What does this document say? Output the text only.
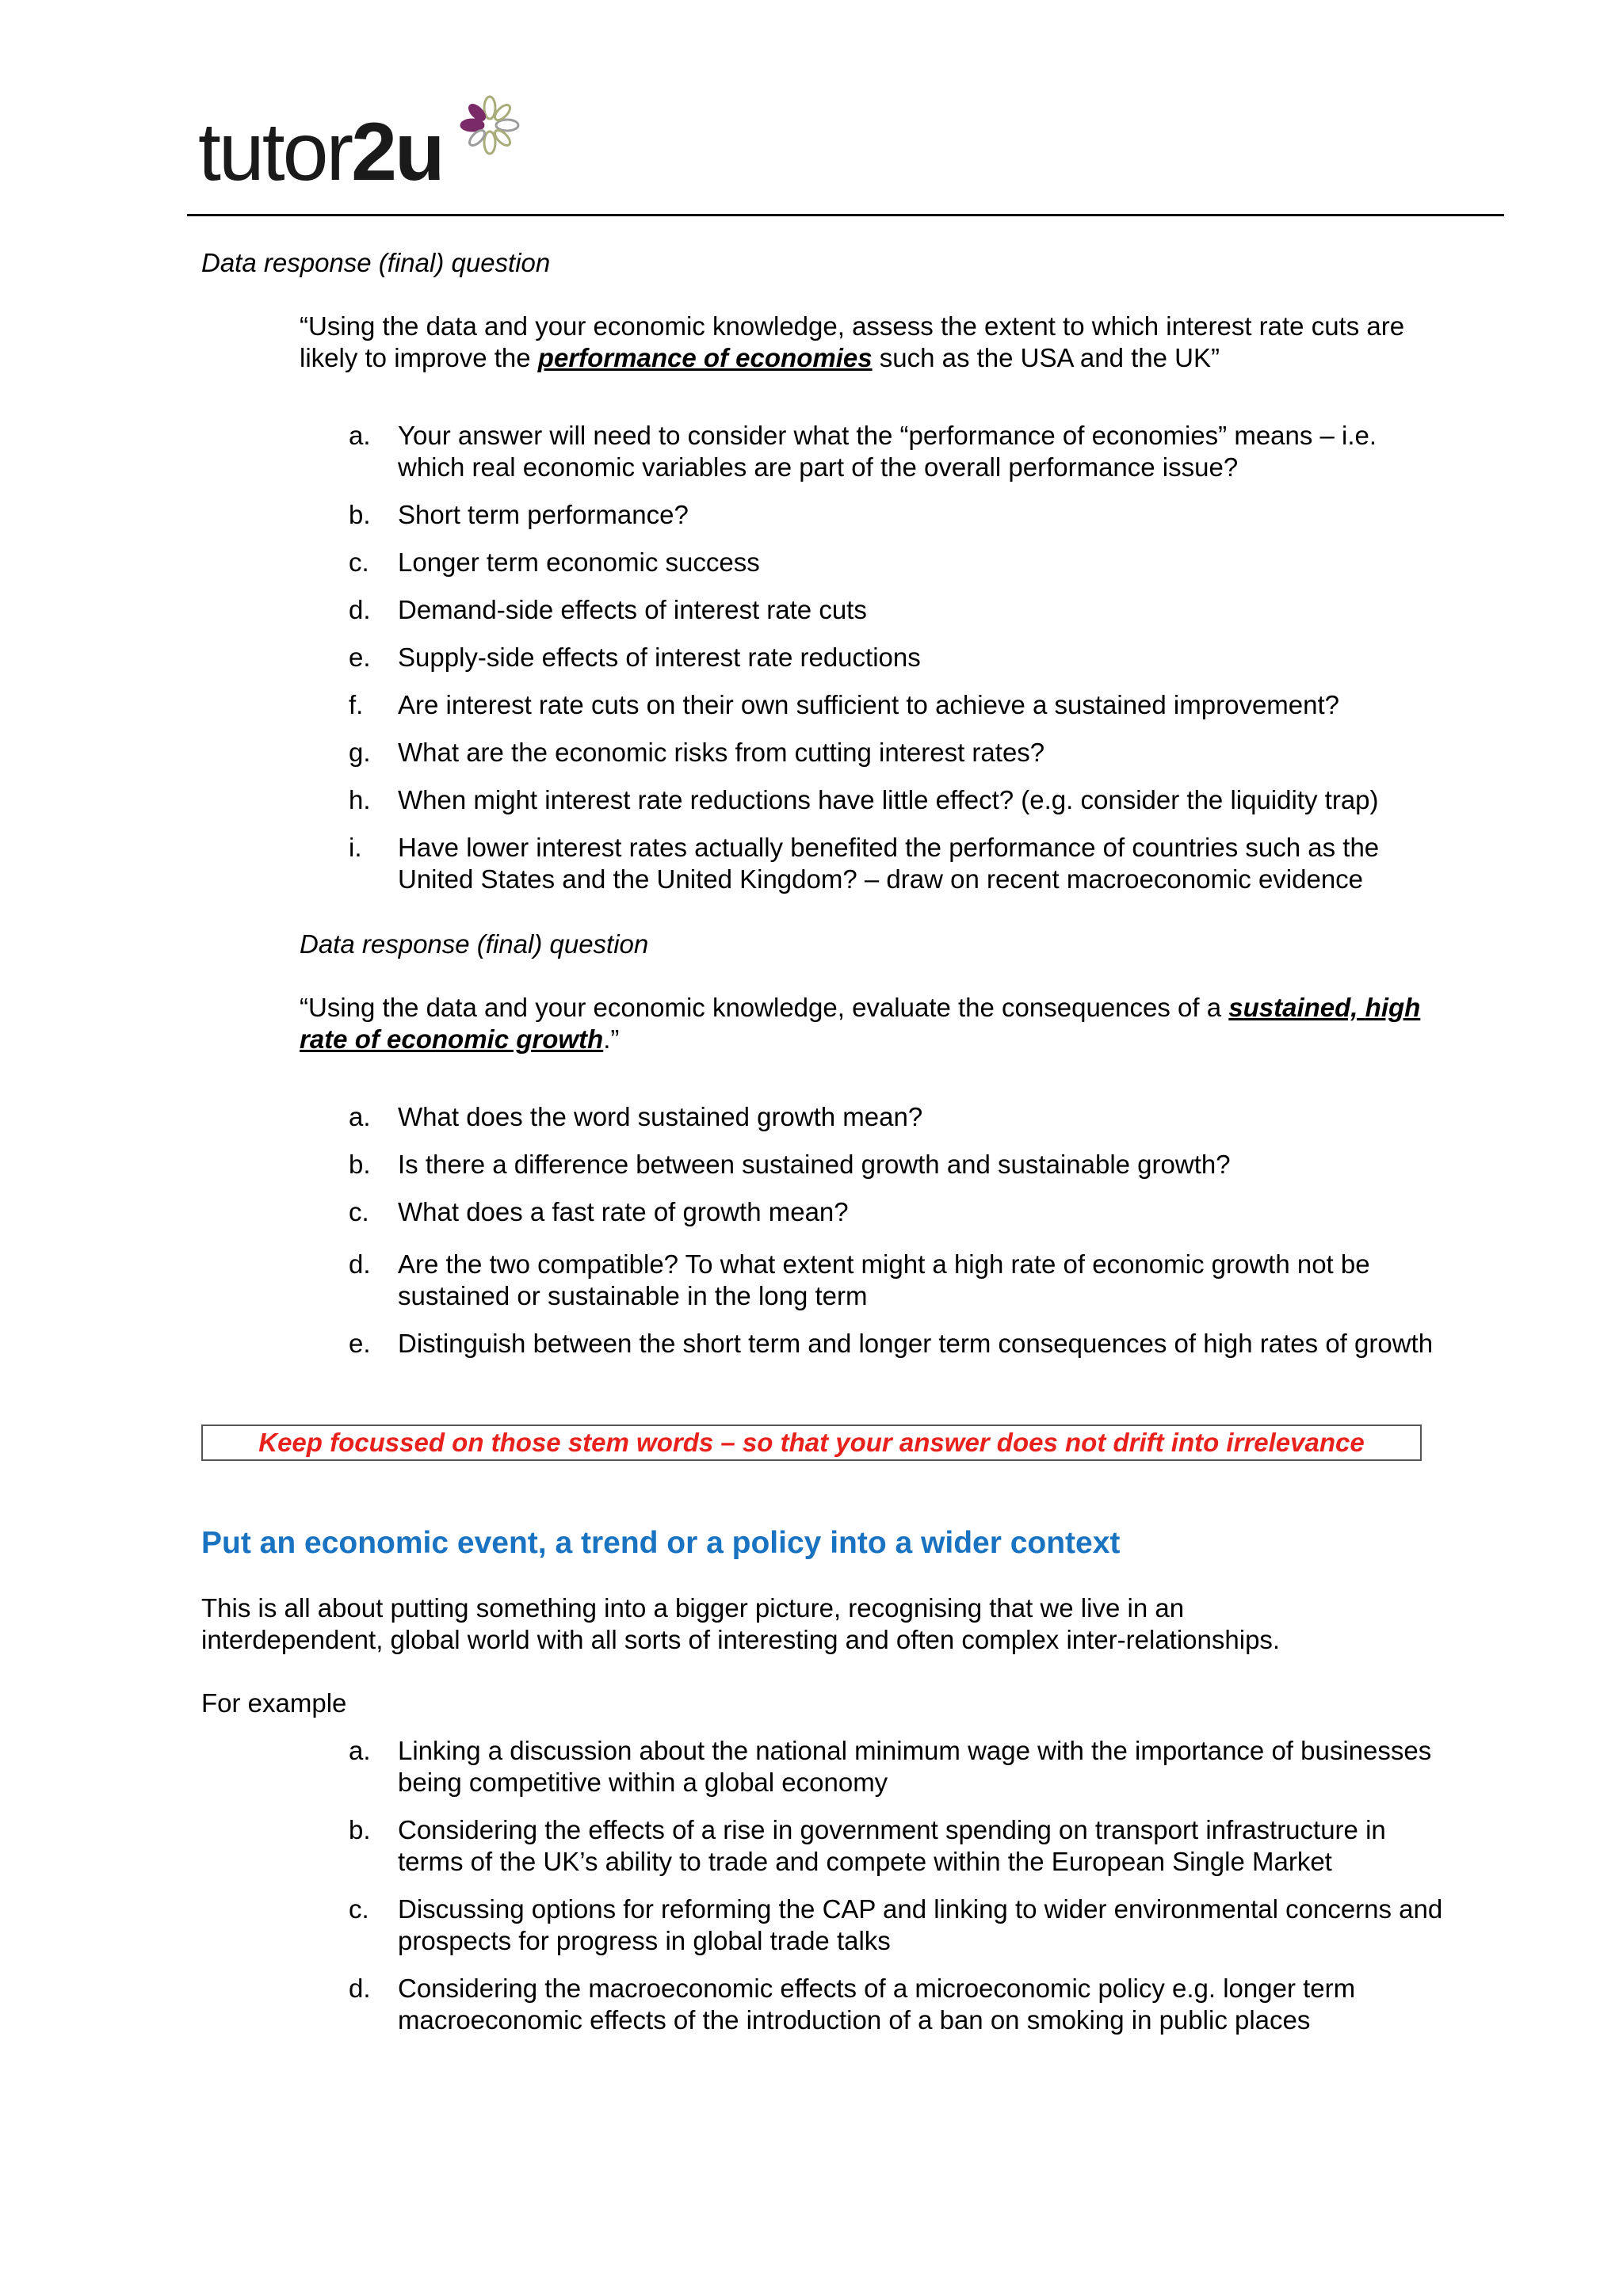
tutor2u
Data response (final) question
“Using the data and your economic knowledge, assess the extent to which interest rate cuts are likely to improve the performance of economies such as the USA and the UK”
a. Your answer will need to consider what the “performance of economies” means – i.e. which real economic variables are part of the overall performance issue?
b. Short term performance?
c. Longer term economic success
d. Demand-side effects of interest rate cuts
e. Supply-side effects of interest rate reductions
f. Are interest rate cuts on their own sufficient to achieve a sustained improvement?
g. What are the economic risks from cutting interest rates?
h. When might interest rate reductions have little effect? (e.g. consider the liquidity trap)
i. Have lower interest rates actually benefited the performance of countries such as the United States and the United Kingdom? – draw on recent macroeconomic evidence
Data response (final) question
“Using the data and your economic knowledge, evaluate the consequences of a sustained, high rate of economic growth.”
a. What does the word sustained growth mean?
b. Is there a difference between sustained growth and sustainable growth?
c. What does a fast rate of growth mean?
d. Are the two compatible? To what extent might a high rate of economic growth not be sustained or sustainable in the long term
e. Distinguish between the short term and longer term consequences of high rates of growth
Keep focussed on those stem words – so that your answer does not drift into irrelevance
Put an economic event, a trend or a policy into a wider context
This is all about putting something into a bigger picture, recognising that we live in an
interdependent, global world with all sorts of interesting and often complex inter-relationships.
For example
a. Linking a discussion about the national minimum wage with the importance of businesses being competitive within a global economy
b. Considering the effects of a rise in government spending on transport infrastructure in terms of the UK’s ability to trade and compete within the European Single Market
c. Discussing options for reforming the CAP and linking to wider environmental concerns and prospects for progress in global trade talks
d. Considering the macroeconomic effects of a microeconomic policy e.g. longer term macroeconomic effects of the introduction of a ban on smoking in public places
